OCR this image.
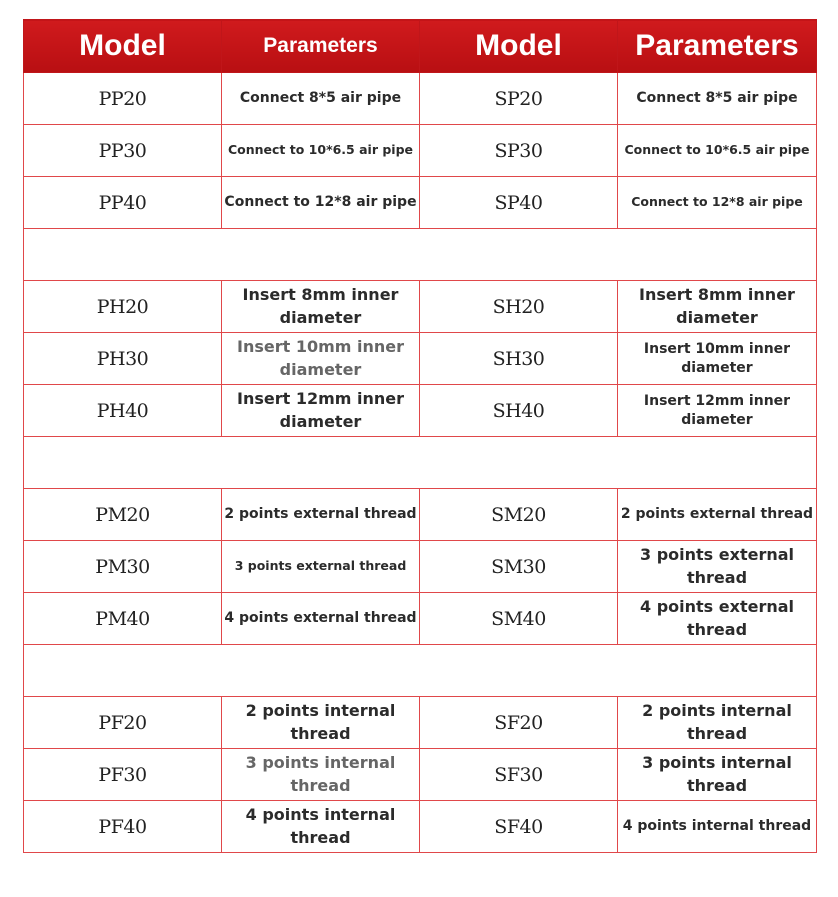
Model	Parameters	Model	Parameters
PP20	Connect 8*5 air pipe	SP20	Connect 8*5 air pipe
PP30	Connect to 10*6.5 air pipe	SP30	Connect to 10*6.5 air pipe
PP40	Connect to 12*8 air pipe	SP40	Connect to 12*8 air pipe

PH20	Insert 8mm inner diameter	SH20	Insert 8mm inner diameter
PH30	Insert 10mm inner diameter	SH30	Insert 10mm inner diameter
PH40	Insert 12mm inner diameter	SH40	Insert 12mm inner diameter

PM20	2 points external thread	SM20	2 points external thread
PM30	3 points external thread	SM30	3 points external thread
PM40	4 points external thread	SM40	4 points external thread

PF20	2 points internal thread	SF20	2 points internal thread
PF30	3 points internal thread	SF30	3 points internal thread
PF40	4 points internal thread	SF40	4 points internal thread
